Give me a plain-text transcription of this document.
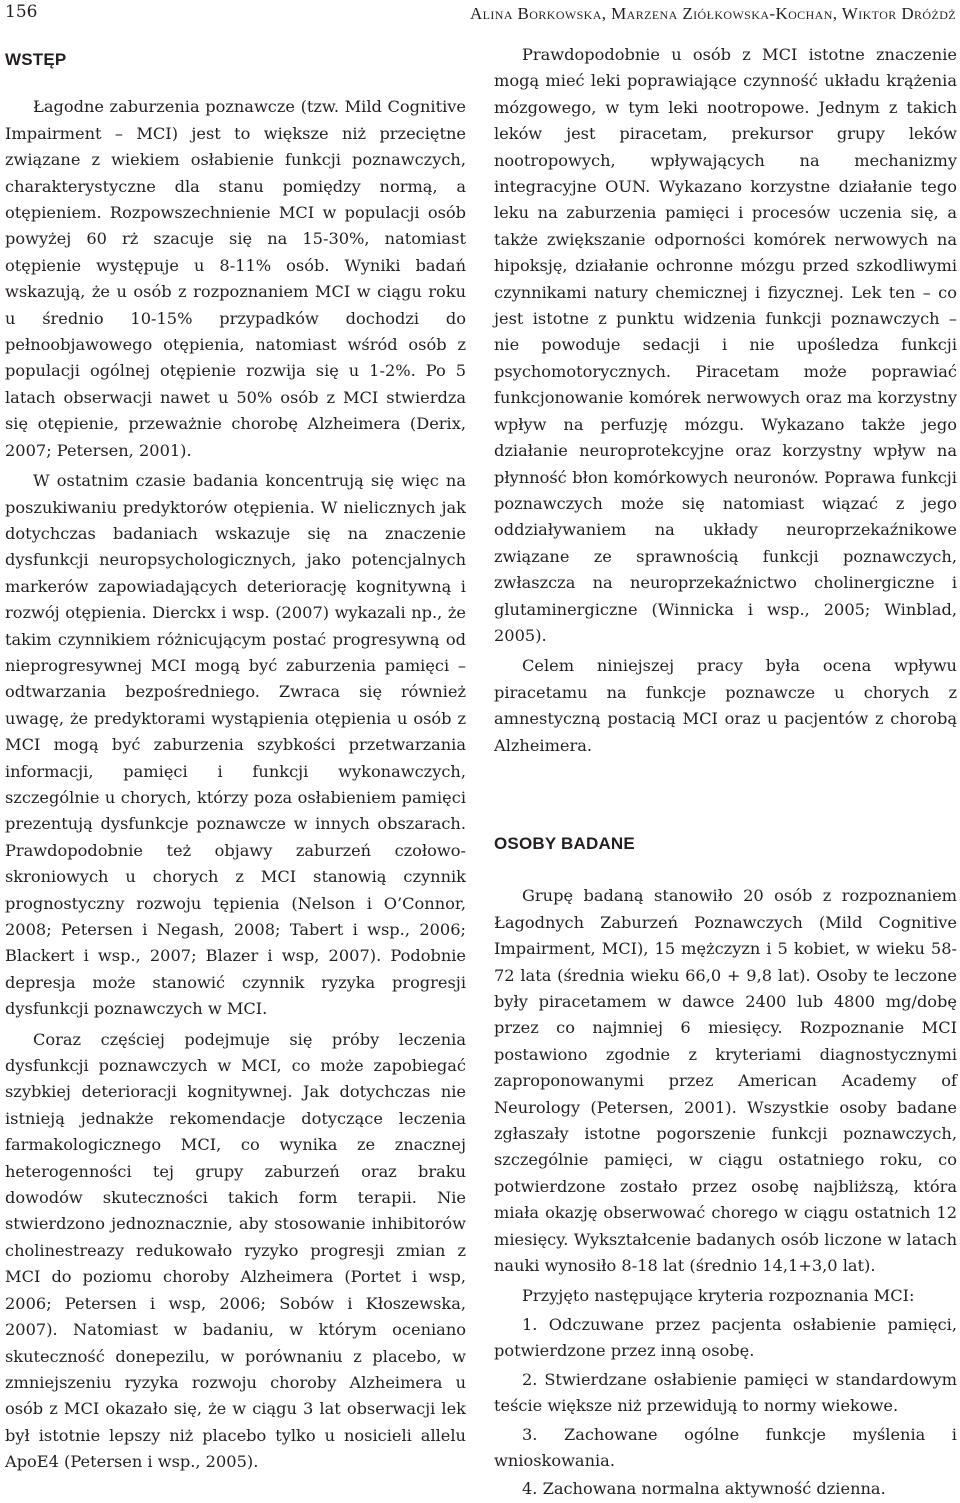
156	Alina Borkowska, Marzena Ziółkowska-Kochan, Wiktor Dróżdż
WSTĘP

Łagodne zaburzenia poznawcze (tzw. Mild Cognitive Impairment – MCI) jest to większe niż przeciętne związane z wiekiem osłabienie funkcji poznawczych, charakterystyczne dla stanu pomiędzy normą, a otępieniem. Rozpowszechnienie MCI w populacji osób powyżej 60 rż szacuje się na 15-30%, natomiast otępienie występuje u 8-11% osób. Wyniki badań wskazują, że u osób z rozpoznaniem MCI w ciągu roku u średnio 10-15% przypadków dochodzi do pełnoobjawowego otępienia, natomiast wśród osób z populacji ogólnej otępienie rozwija się u 1-2%. Po 5 latach obserwacji nawet u 50% osób z MCI stwierdza się otępienie, przeważnie chorobę Alzheimera (Derix, 2007; Petersen, 2001).

W ostatnim czasie badania koncentrują się więc na poszukiwaniu predyktorów otępienia. W nielicznych jak dotychczas badaniach wskazuje się na znaczenie dysfunkcji neuropsychologicznych, jako potencjalnych markerów zapowiadających deteriorację kognitywną i rozwój otępienia. Dierckx i wsp. (2007) wykazali np., że takim czynnikiem różnicującym postać progresywną od nieprogresywnej MCI mogą być zaburzenia pamięci – odtwarzania bezpośredniego. Zwraca się również uwagę, że predyktorami wystąpienia otępienia u osób z MCI mogą być zaburzenia szybkości przetwarzania informacji, pamięci i funkcji wykonawczych, szczególnie u chorych, którzy poza osłabieniem pamięci prezentują dysfunkcje poznawcze w innych obszarach. Prawdopodobnie też objawy zaburzeń czołowo-skroniowych u chorych z MCI stanowią czynnik prognostyczny rozwoju tępienia (Nelson i O’Connor, 2008; Petersen i Negash, 2008; Tabert i wsp., 2006; Blackert i wsp., 2007; Blazer i wsp, 2007). Podobnie depresja może stanowić czynnik ryzyka progresji dysfunkcji poznawczych w MCI.

Coraz częściej podejmuje się próby leczenia dysfunkcji poznawczych w MCI, co może zapobiegać szybkiej deterioracji kognitywnej. Jak dotychczas nie istnieją jednakże rekomendacje dotyczące leczenia farmakologicznego MCI, co wynika ze znacznej heterogenności tej grupy zaburzeń oraz braku dowodów skuteczności takich form terapii. Nie stwierdzono jednoznacznie, aby stosowanie inhibitorów cholinestreazy redukowało ryzyko progresji zmian z MCI do poziomu choroby Alzheimera (Portet i wsp, 2006; Petersen i wsp, 2006; Sobów i Kłoszewska, 2007). Natomiast w badaniu, w którym oceniano skuteczność donepezilu, w porównaniu z placebo, w zmniejszeniu ryzyka rozwoju choroby Alzheimera u osób z MCI okazało się, że w ciągu 3 lat obserwacji lek był istotnie lepszy niż placebo tylko u nosicieli allelu ApoE4 (Petersen i wsp., 2005).

Prawdopodobnie u osób z MCI istotne znaczenie mogą mieć leki poprawiające czynność układu krążenia mózgowego, w tym leki nootropowe. Jednym z takich leków jest piracetam, prekursor grupy leków nootropowych, wpływających na mechanizmy integracyjne OUN. Wykazano korzystne działanie tego leku na zaburzenia pamięci i procesów uczenia się, a także zwiększanie odporności komórek nerwowych na hipoksję, działanie ochronne mózgu przed szkodliwymi czynnikami natury chemicznej i fizycznej. Lek ten – co jest istotne z punktu widzenia funkcji poznawczych – nie powoduje sedacji i nie upośledza funkcji psychomotorycznych. Piracetam może poprawiać funkcjonowanie komórek nerwowych oraz ma korzystny wpływ na perfuzję mózgu. Wykazano także jego działanie neuroprotekcyjne oraz korzystny wpływ na płynność błon komórkowych neuronów. Poprawa funkcji poznawczych może się natomiast wiązać z jego oddziaływaniem na układy neuroprzekaźnikowe związane ze sprawnością funkcji poznawczych, zwłaszcza na neuroprzekaźnictwo cholinergiczne i glutaminergiczne (Winnicka i wsp., 2005; Winblad, 2005).

Celem niniejszej pracy była ocena wpływu piracetamu na funkcje poznawcze u chorych z amnestyczną postacią MCI oraz u pacjentów z chorobą Alzheimera.

OSOBY BADANE

Grupę badaną stanowiło 20 osób z rozpoznaniem Łagodnych Zaburzeń Poznawczych (Mild Cognitive Impairment, MCI), 15 mężczyzn i 5 kobiet, w wieku 58-72 lata (średnia wieku 66,0 + 9,8 lat). Osoby te leczone były piracetamem w dawce 2400 lub 4800 mg/dobę przez co najmniej 6 miesięcy. Rozpoznanie MCI postawiono zgodnie z kryteriami diagnostycznymi zaproponowanymi przez American Academy of Neurology (Petersen, 2001). Wszystkie osoby badane zgłaszały istotne pogorszenie funkcji poznawczych, szczególnie pamięci, w ciągu ostatniego roku, co potwierdzone zostało przez osobę najbliższą, która miała okazję obserwować chorego w ciągu ostatnich 12 miesięcy. Wykształcenie badanych osób liczone w latach nauki wynosiło 8-18 lat (średnio 14,1+3,0 lat).

Przyjęto następujące kryteria rozpoznania MCI:

1. Odczuwane przez pacjenta osłabienie pamięci, potwierdzone przez inną osobę.

2. Stwierdzane osłabienie pamięci w standardowym teście większe niż przewidują to normy wiekowe.

3. Zachowane ogólne funkcje myślenia i wnioskowania.

4. Zachowana normalna aktywność dzienna.
